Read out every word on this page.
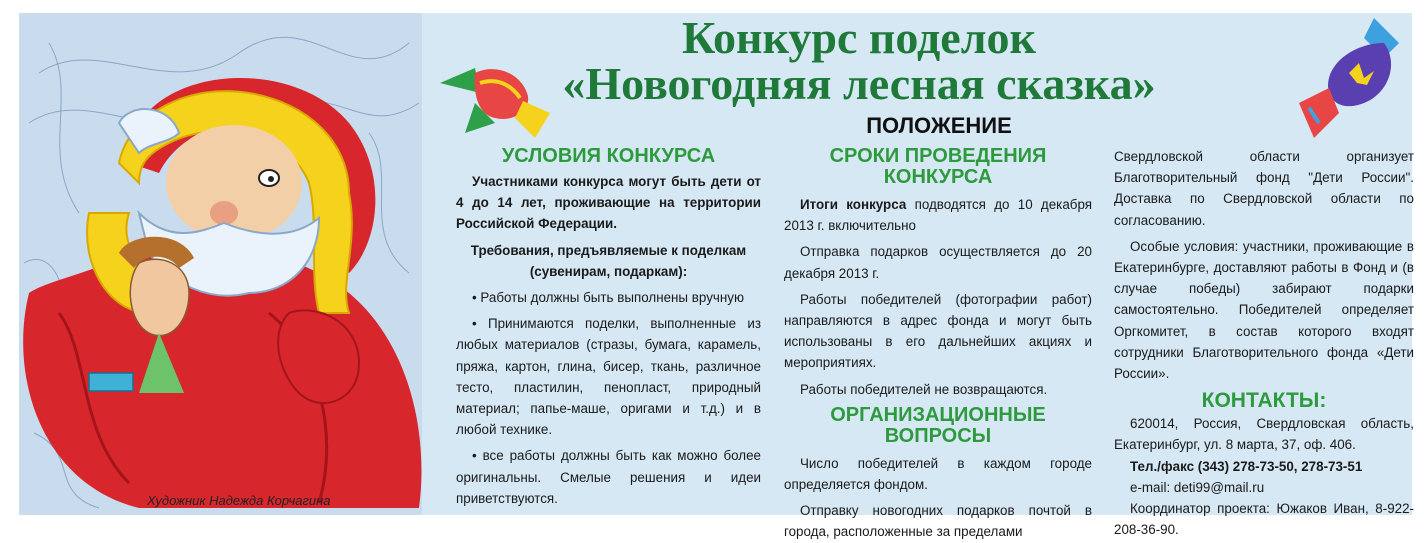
Художник Надежда Корчагина
Конкурс поделок
«Новогодняя лесная сказка»
ПОЛОЖЕНИЕ
УСЛОВИЯ КОНКУРСА

Участниками конкурса могут быть дети от 4 до 14 лет, проживающие на территории Российской Федерации.

Требования, предъявляемые к поделкам (сувенирам, подаркам):

• Работы должны быть выполнены вручную

• Принимаются поделки, выполненные из любых материалов (стразы, бумага, карамель, пряжа, картон, глина, бисер, ткань, различное тесто, пластилин, пенопласт, природный материал; папье-маше, оригами и т.д.) и в любой технике.

• все работы должны быть как можно более оригинальны. Смелые решения и идеи приветствуются.

СРОКИ ПРОВЕДЕНИЯ КОНКУРСА

Итоги конкурса подводятся до 10 декабря 2013 г. включительно

Отправка подарков осуществляется до 20 декабря 2013 г.

Работы победителей (фотографии работ) направляются в адрес фонда и могут быть использованы в его дальнейших акциях и мероприятиях.

Работы победителей не возвращаются.

ОРГАНИЗАЦИОННЫЕ ВОПРОСЫ

Число победителей в каждом городе определяется фондом.

Отправку новогодних подарков почтой в города, расположенные за пределами

Свердловской области организует Благотворительный фонд "Дети России". Доставка по Свердловской области по согласованию.

Особые условия: участники, проживающие в Екатеринбурге, доставляют работы в Фонд и (в случае победы) забирают подарки самостоятельно. Победителей определяет Оргкомитет, в состав которого входят сотрудники Благотворительного фонда «Дети России».

КОНТАКТЫ:

620014, Россия, Свердловская область, Екатеринбург, ул. 8 марта, 37, оф. 406.

Тел./факс (343) 278-73-50, 278-73-51

e-mail: deti99@mail.ru

Координатор проекта: Южаков Иван, 8-922-208-36-90.
